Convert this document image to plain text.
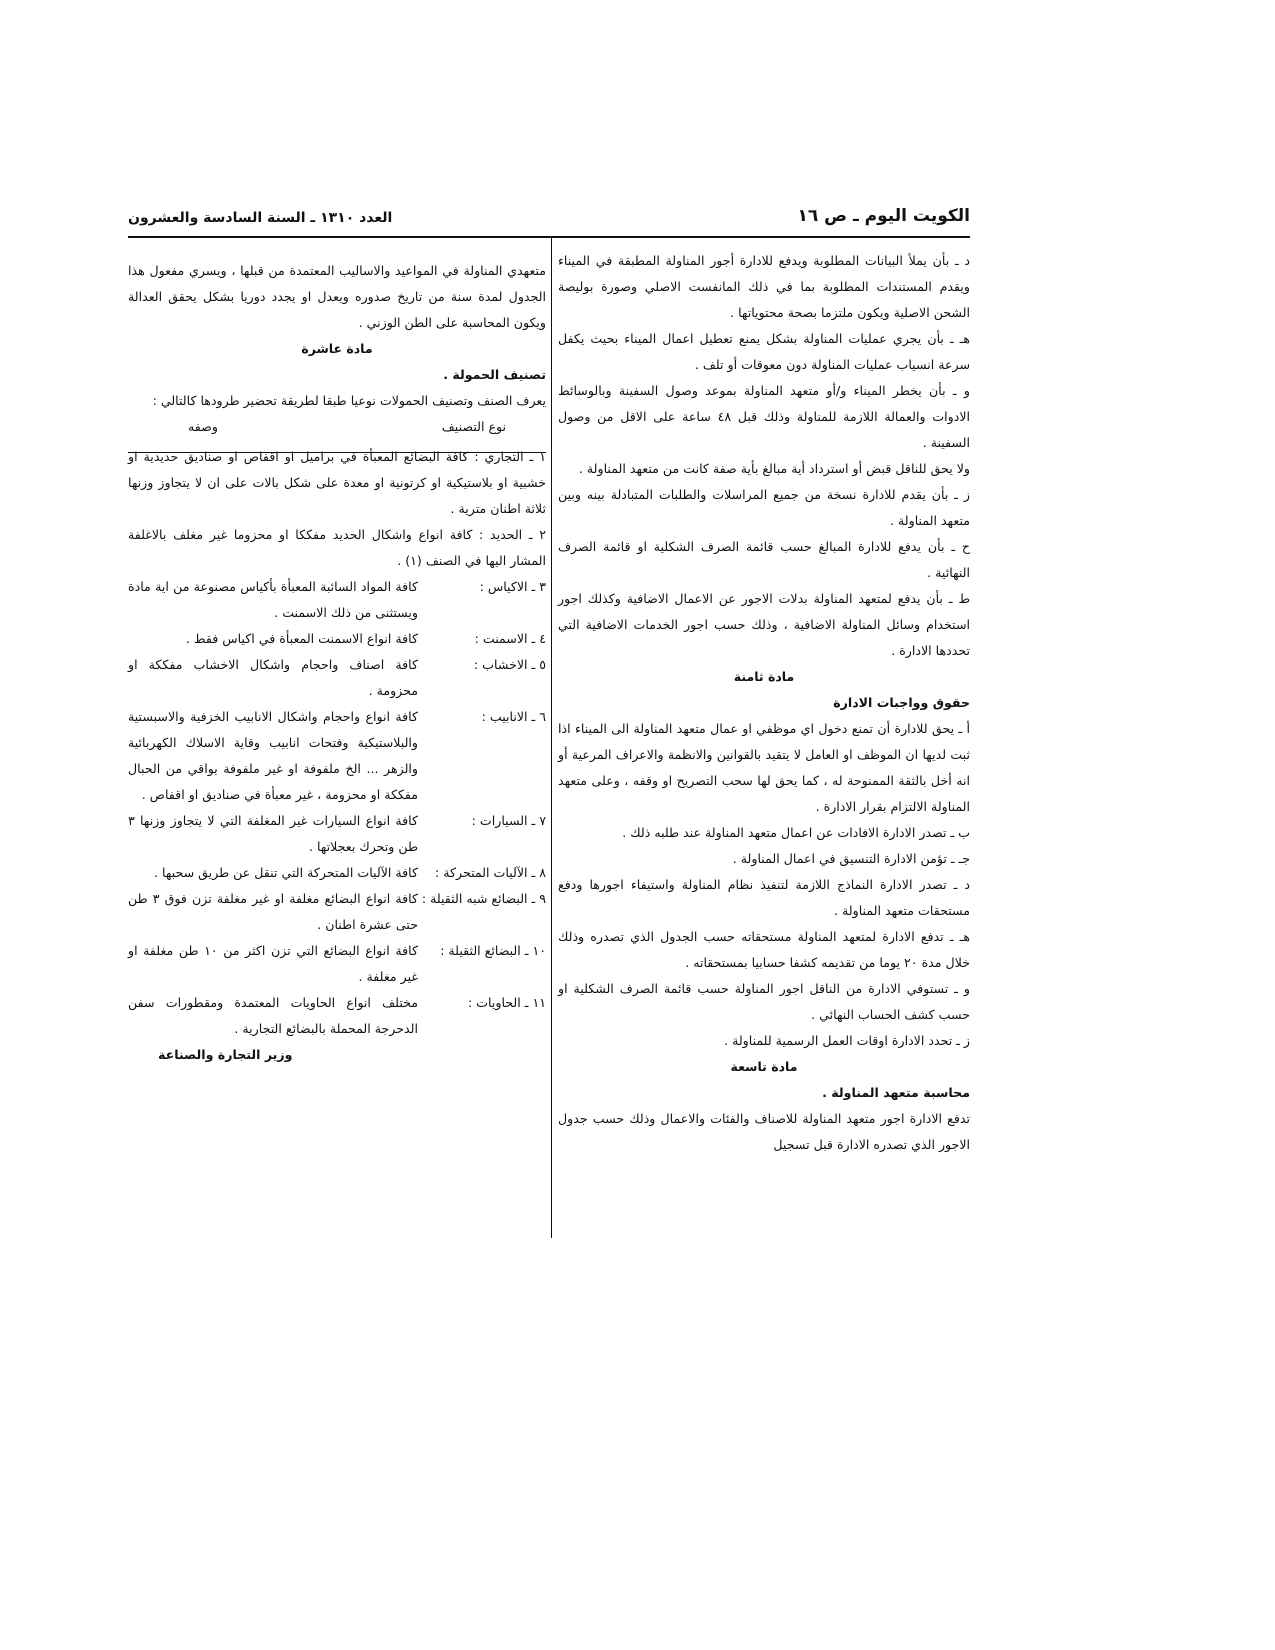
الكويت اليوم ـ ص ١٦
العدد ١٣١٠ ـ السنة السادسة والعشرون

د ـ بأن يملأ البيانات المطلوبة ويدفع للادارة أجور المناولة المطبقة في الميناء ويقدم المستندات المطلوبة بما في ذلك المانفست الاصلي وصورة بوليصة الشحن الاصلية ويكون ملتزما بصحة محتوياتها .

هـ ـ بأن يجري عمليات المناولة بشكل يمنع تعطيل اعمال الميناء بحيث يكفل سرعة انسياب عمليات المناولة دون معوقات أو تلف .

و ـ بأن يخطر الميناء و/أو متعهد المناولة بموعد وصول السفينة وبالوسائط الادوات والعمالة اللازمة للمناولة وذلك قبل ٤٨ ساعة على الاقل من وصول السفينة .

ولا يحق للناقل قبض أو استرداد أية مبالغ بأية صفة كانت من متعهد المناولة .

ز ـ بأن يقدم للادارة نسخة من جميع المراسلات والطلبات المتبادلة بينه وبين متعهد المناولة .

ح ـ بأن يدفع للادارة المبالغ حسب قائمة الصرف الشكلية او قائمة الصرف النهائية .

ط ـ بأن يدفع لمتعهد المناولة بدلات الاجور عن الاعمال الاضافية وكذلك اجور استخدام وسائل المناولة الاضافية ، وذلك حسب اجور الخدمات الاضافية التي تحددها الادارة .

مادة ثامنة

حقوق وواجبات الادارة

أ ـ يحق للادارة أن تمنع دخول اي موظفي او عمال متعهد المناولة الى الميناء اذا ثبت لديها ان الموظف او العامل لا يتقيد بالقوانين والانظمة والاعراف المرعية أو انه أخل بالثقة الممنوحة له ، كما يحق لها سحب التصريح او وقفه ، وعلى متعهد المناولة الالتزام بقرار الادارة .

ب ـ تصدر الادارة الافادات عن اعمال متعهد المناولة عند طلبه ذلك .

جـ ـ تؤمن الادارة التنسيق في اعمال المناولة .

د ـ تصدر الادارة النماذج اللازمة لتنفيذ نظام المناولة واستيفاء اجورها ودفع مستحقات متعهد المناولة .

هـ ـ تدفع الادارة لمتعهد المناولة مستحقاته حسب الجدول الذي تصدره وذلك خلال مدة ٢٠ يوما من تقديمه كشفا حسابيا بمستحقاته .

و ـ تستوفي الادارة من الناقل اجور المناولة حسب قائمة الصرف الشكلية او حسب كشف الحساب النهائي .

ز ـ تحدد الادارة اوقات العمل الرسمية للمناولة .

مادة تاسعة

محاسبة متعهد المناولة .

تدفع الادارة اجور متعهد المناولة للاصناف والفئات والاعمال وذلك حسب جدول الاجور الذي تصدره الادارة قبل تسجيل

متعهدي المناولة في المواعيد والاساليب المعتمدة من قبلها ، ويسري مفعول هذا الجدول لمدة سنة من تاريخ صدوره ويعدل او يجدد دوريا بشكل يحقق العدالة ويكون المحاسبة على الطن الوزني .

مادة عاشرة

تصنيف الحمولة .

يعرف الصنف وتصنيف الحمولات نوعيا طبقا لطريقة تحضير طرودها كالتالي :

نوع التصنيف
وصفه

١ ـ التجاري : كافة البضائع المعبأة في براميل او اقفاص او صناديق حديدية او خشبية او بلاستيكية او كرتونية او معدة على شكل بالات على ان لا يتجاوز وزنها ثلاثة اطنان مترية .

٢ ـ الحديد : كافة انواع واشكال الحديد مفككا او محزوما غير مغلف بالاغلفة المشار اليها في الصنف (١) .

٣ ـ الاكياس :
كافة المواد السائبة المعبأة بأكياس مصنوعة من اية مادة ويستثنى من ذلك الاسمنت .
٤ ـ الاسمنت :
كافة انواع الاسمنت المعبأة في اكياس فقط .
٥ ـ الاخشاب :
كافة اصناف واحجام واشكال الاخشاب مفككة او محزومة .
٦ ـ الانابيب :
كافة انواع واحجام واشكال الانابيب الخزفية والاسبستية والبلاستيكية وفتحات انابيب وقاية الاسلاك الكهربائية والزهر ... الخ ملفوفة او غير ملفوفة بواقي من الحبال مفككة او محزومة ، غير معبأة في صناديق او اقفاص .
٧ ـ السيارات :
كافة انواع السيارات غير المغلفة التي لا يتجاوز وزنها ٣ طن وتحرك بعجلاتها .
٨ ـ الآليات المتحركة :
كافة الآليات المتحركة التي تنقل عن طريق سحبها .
٩ ـ البضائع شبه الثقيلة :
كافة انواع البضائع مغلفة او غير مغلفة تزن فوق ٣ طن حتى عشرة اطنان .
١٠ ـ البضائع الثقيلة :
كافة انواع البضائع التي تزن اكثر من ١٠ طن مغلفة او غير مغلفة .
١١ ـ الحاويات :
مختلف انواع الحاويات المعتمدة ومقطورات سفن الدحرجة المحملة بالبضائع التجارية .

وزير التجارة والصناعة
